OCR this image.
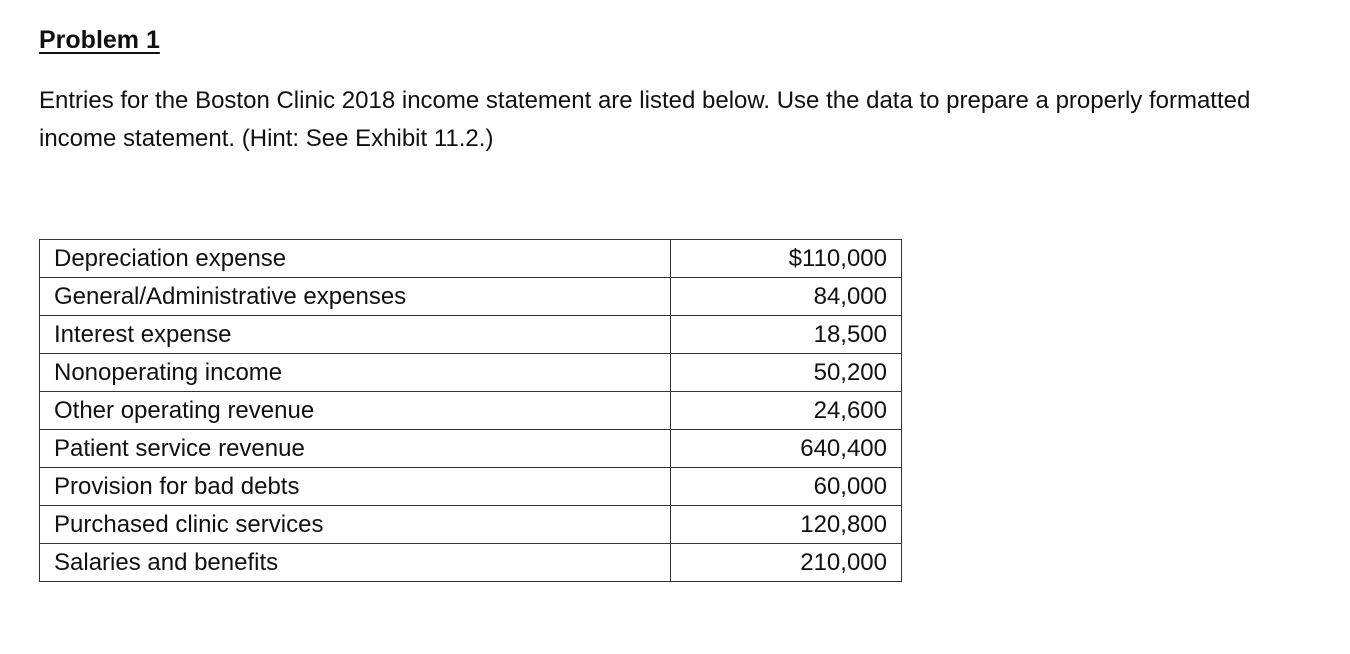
Problem 1

Entries for the Boston Clinic 2018 income statement are listed below. Use the data to prepare a properly formatted income statement. (Hint: See Exhibit 11.2.)

Depreciation expense	$110,000
General/Administrative expenses	84,000
Interest expense	18,500
Nonoperating income	50,200
Other operating revenue	24,600
Patient service revenue	640,400
Provision for bad debts	60,000
Purchased clinic services	120,800
Salaries and benefits	210,000
